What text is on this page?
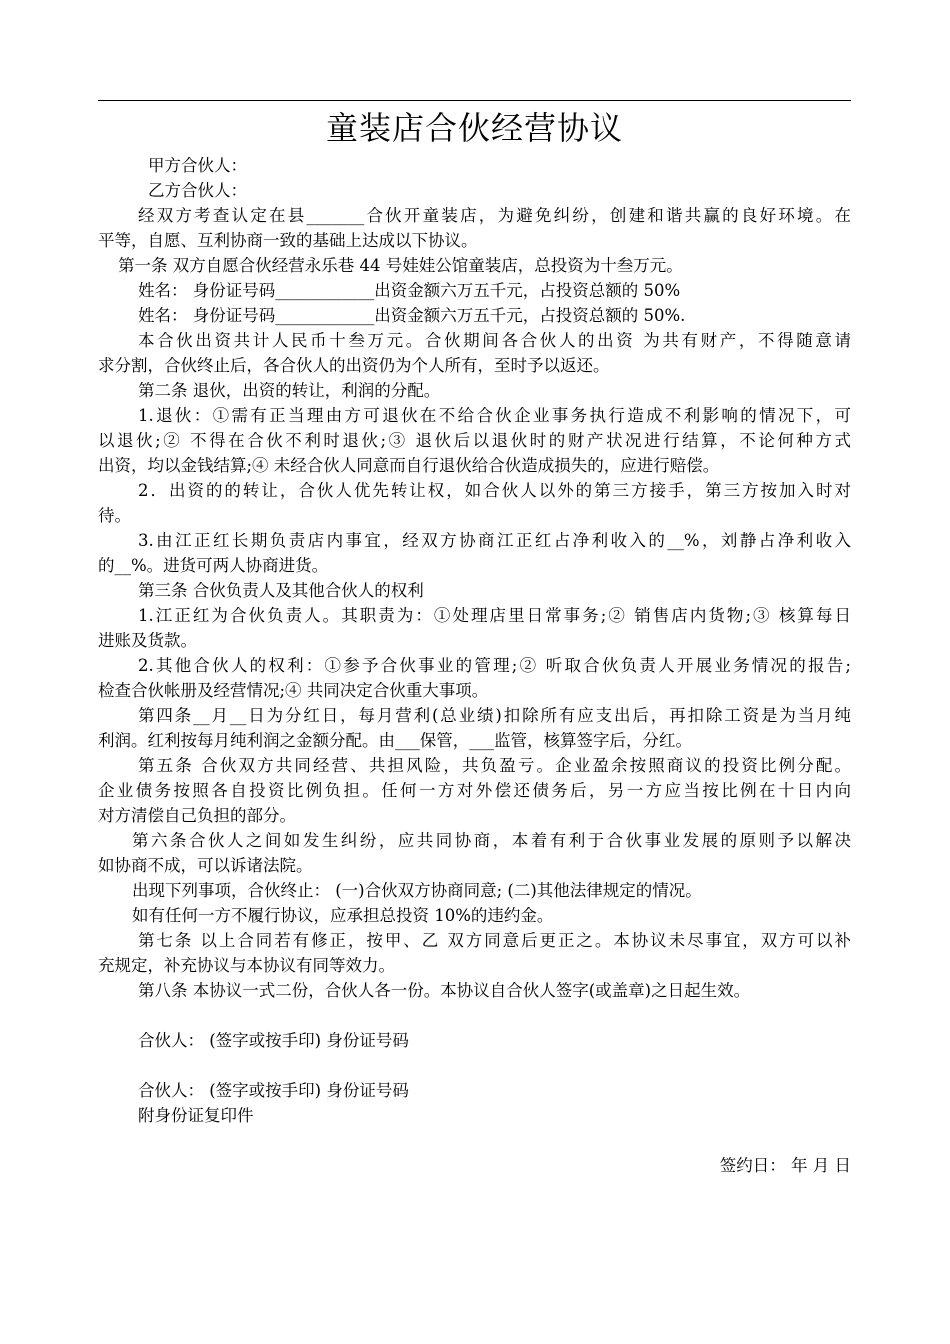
童装店合伙经营协议
甲方合伙人：
乙方合伙人：
经双方考查认定在县_______合伙开童装店，为避免纠纷，创建和谐共赢的良好环境。在
平等，自愿、互利协商一致的基础上达成以下协议。
第一条 双方自愿合伙经营永乐巷 44 号娃娃公馆童装店，总投资为十叁万元。
姓名： 身份证号码____________出资金额六万五千元，占投资总额的 50%
姓名： 身份证号码____________出资金额六万五千元，占投资总额的 50%.
本合伙出资共计人民币十叁万元。合伙期间各合伙人的出资 为共有财产，不得随意请
求分割，合伙终止后，各合伙人的出资仍为个人所有，至时予以返还。
第二条 退伙，出资的转让，利润的分配。
1.退伙：①需有正当理由方可退伙在不给合伙企业事务执行造成不利影响的情况下，可
以退伙;② 不得在合伙不利时退伙;③ 退伙后以退伙时的财产状况进行结算，不论何种方式
出资，均以金钱结算;④ 未经合伙人同意而自行退伙给合伙造成损失的，应进行赔偿。
2．出资的的转让，合伙人优先转让权，如合伙人以外的第三方接手，第三方按加入时对
待。
3.由江正红长期负责店内事宜，经双方协商江正红占净利收入的__%，刘静占净利收入
的__%。进货可两人协商进货。
第三条 合伙负责人及其他合伙人的权利
1.江正红为合伙负责人。其职责为：①处理店里日常事务;② 销售店内货物;③ 核算每日
进账及货款。
2.其他合伙人的权利：①参予合伙事业的管理;② 听取合伙负责人开展业务情况的报告;
检查合伙帐册及经营情况;④ 共同决定合伙重大事项。
第四条__月__日为分红日，每月营利(总业绩)扣除所有应支出后，再扣除工资是为当月纯
利润。红利按每月纯利润之金额分配。由___保管，___监管，核算签字后，分红。
第五条 合伙双方共同经营、共担风险，共负盈亏。企业盈余按照商议的投资比例分配。
企业债务按照各自投资比例负担。任何一方对外偿还债务后，另一方应当按比例在十日内向
对方清偿自己负担的部分。
第六条合伙人之间如发生纠纷，应共同协商，本着有利于合伙事业发展的原则予以解决
如协商不成，可以诉诸法院。
出现下列事项，合伙终止： (一)合伙双方协商同意; (二)其他法律规定的情况。
如有任何一方不履行协议，应承担总投资 10%的违约金。
第七条 以上合同若有修正，按甲、乙 双方同意后更正之。本协议未尽事宜，双方可以补
充规定，补充协议与本协议有同等效力。
第八条 本协议一式二份，合伙人各一份。本协议自合伙人签字(或盖章)之日起生效。
合伙人： (签字或按手印) 身份证号码
合伙人： (签字或按手印) 身份证号码
附身份证复印件
签约日： 年 月 日
